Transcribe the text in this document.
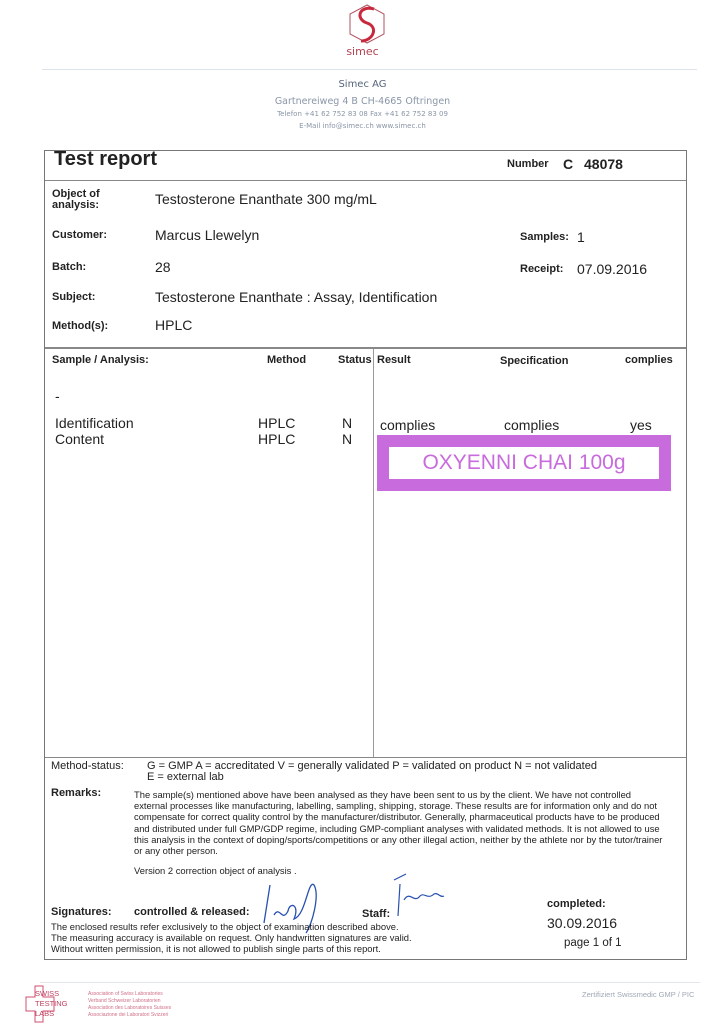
simec
Simec AG
Gartnereiweg 4 B CH-4665 Oftringen
Telefon +41 62 752 83 08 Fax +41 62 752 83 09
E-Mail info@simec.ch www.simec.ch
Test report	Number C 48078
Object of analysis:	Testosterone Enanthate 300 mg/mL
Customer:	Marcus Llewelyn	Samples: 1
Batch:	28	Receipt: 07.09.2016
Subject:	Testosterone Enanthate : Assay, Identification
Method(s):	HPLC
Sample / Analysis:	Method	Status Result	Specification	complies
-
Identification	HPLC	N complies	complies	yes
Content	HPLC	N
OXYENNI CHAI 100g
Method-status: G = GMP A = accreditated V = generally validated P = validated on product N = not validated
E = external lab
Remarks:	The sample(s) mentioned above have been analysed as they have been sent to us by the client. We have not controlled external processes like manufacturing, labelling, sampling, shipping, storage. These results are for information only and do not compensate for correct quality control by the manufacturer/distributor. Generally, pharmaceutical products have to be produced and distributed under full GMP/GDP regime, including GMP-compliant analyses with validated methods. It is not allowed to use this analysis in the context of doping/sports/competitions or any other illegal action, neither by the athlete nor by the tutor/trainer or any other person.
Version 2 correction object of analysis .
Signatures: controlled & released:	Staff:
completed:
30.09.2016
page 1 of 1
The enclosed results refer exclusively to the object of examination described above.
The measuring accuracy is available on request. Only handwritten signatures are valid.
Without written permission, it is not allowed to publish single parts of this report.
SWISS
TESTING
LABS
Association of Swiss Laboratories
Verband Schweizer Laboratorien
Association des Laboratoires Suisses
Associazione dei Laboratori Svizzeri
Zertifiziert Swissmedic GMP / PIC
